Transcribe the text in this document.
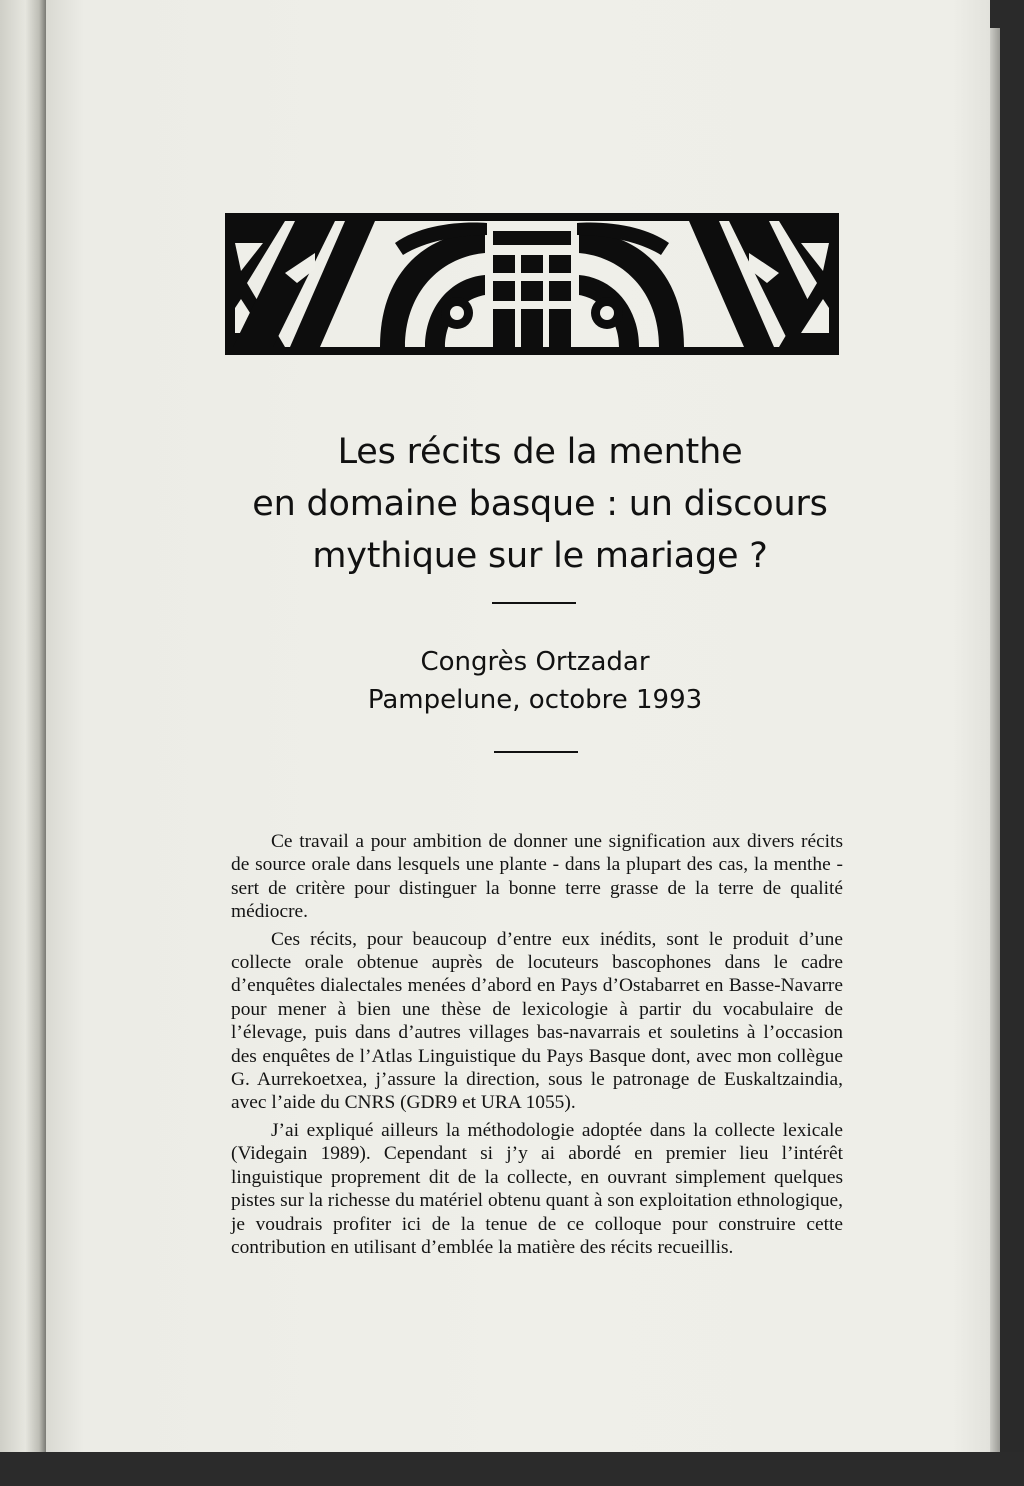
Les récits de la menthe
en domaine basque : un discours
mythique sur le mariage ?
Congrès Ortzadar
Pampelune, octobre 1993

Ce travail a pour ambition de donner une signification aux divers récits de source orale dans lesquels une plante - dans la plupart des cas, la menthe - sert de critère pour distinguer la bonne terre grasse de la terre de qualité médiocre.

Ces récits, pour beaucoup d’entre eux inédits, sont le produit d’une collecte orale obtenue auprès de locuteurs bascophones dans le cadre d’enquêtes dialectales menées d’abord en Pays d’Ostabarret en Basse-Navarre pour mener à bien une thèse de lexicologie à partir du vocabulaire de l’élevage, puis dans d’autres villages bas-navarrais et souletins à l’occasion des enquêtes de l’Atlas Linguistique du Pays Basque dont, avec mon collègue G. Aurrekoetxea, j’assure la direction, sous le patronage de Euskaltzaindia, avec l’aide du CNRS (GDR9 et URA 1055).

J’ai expliqué ailleurs la méthodologie adoptée dans la collecte lexicale (Videgain 1989). Cependant si j’y ai abordé en premier lieu l’intérêt linguistique proprement dit de la collecte, en ouvrant simplement quelques pistes sur la richesse du matériel obtenu quant à son exploitation ethnologique, je voudrais profiter ici de la tenue de ce colloque pour construire cette contribution en utilisant d’emblée la matière des récits recueillis.
